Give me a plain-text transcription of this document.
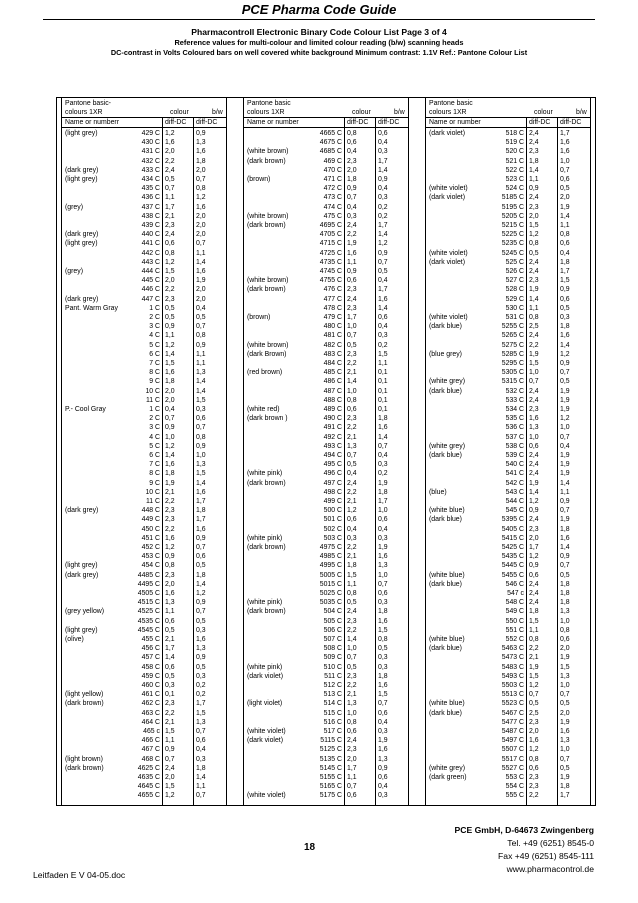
PCE Pharma Code Guide
Pharmacontroll Electronic Binary Code Colour List Page 3 of 4
Reference values for multi-colour and limited colour reading (b/w) scanning heads
DC-contrast in Volts Coloured bars on well covered white background Minimum contrast: 1.1V Ref.: Pantone Colour List
Pantone basic-
colours 1XR	colour	b/w
Name or numberr	diff-DC diff-DC
(light grey)	429 C 1,2	0,9
430 C 1,6	1,3
431 C 2,0	1,6
432 C 2,2	1,8
(dark grey)	433 C 2,4	2,0
(light grey)	434 C 0,5	0,7
435 C 0,7	0,8
436 C 1,1	1,2
(grey)	437 C 1,7	1,6
438 C 2,1	2,0
439 C 2,3	2,0
(dark grey)	440 C 2,4	2,0
(light grey)	441 C 0,6	0,7
442 C 0,8	1,1
443 C 1,2	1,4
(grey)	444 C 1,5	1,6
445 C 2,0	1,9
446 C 2,2	2,0
(dark grey)	447 C 2,3	2,0
Pant. Warm Gray	1 C 0,5	0,4
2 C 0,5	0,5
3 C 0,9	0,7
4 C 1,1	0,8
5 C 1,2	0,9
6 C 1,4	1,1
7 C 1,5	1,1
8 C 1,6	1,3
9 C 1,8	1,4
10 C 2,0	1,4
11 C 2,0	1,5
P.- Cool Gray	1 C 0,4	0,3
2 C 0,7	0,6
3 C 0,9	0,7
4 C 1,0	0,8
5 C 1,2	0,9
6 C 1,4	1,0
7 C 1,6	1,3
8 C 1,8	1,5
9 C 1,9	1,4
10 C 2,1	1,6
11 C 2,2	1,7
(dark grey)	448 C 2,3	1,8
449 C 2,3	1,7
450 C 2,2	1,6
451 C 1,6	0,9
452 C 1,2	0,7
453 C 0,9	0,6
(light grey)	454 C 0,8	0,5
(dark grey)	4485 C 2,3	1,8
4495 C 2,0	1,4
4505 C 1,6	1,2
4515 C 1,3	0,9
(grey yellow)	4525 C 1,1	0,7
4535 C 0,6	0,5
(light grey)	4545 C 0,5	0,3
(olive)	455 C 2,1	1,6
456 C 1,7	1,3
457 C 1,4	0,9
458 C 0,6	0,5
459 C 0,5	0,3
460 C 0,3	0,2
(light yellow)	461 C 0,1	0,2
(dark brown)	462 C 2,3	1,7
463 C 2,2	1,5
464 C 2,1	1,3
465 c 1,5	0,7
466 C 1,1	0,6
467 C 0,9	0,4
(light brown)	468 C 0,7	0,3
(dark brown)	4625 C 2,4	1,8
4635 C 2,0	1,4
4645 C 1,5	1,1
4655 C 1,2	0,7
Pantone basic
colours 1XR	colour	b/w
Name or number	diff-DC diff-DC
4665 C 0,8	0,6
4675 C 0,6	0,4
(white brown)	4685 C 0,4	0,3
(dark brown)	469 C 2,3	1,7
470 C 2,0	1,4
(brown)	471 C 1,8	0,9
472 C 0,9	0,4
473 C 0,7	0,3
474 C 0,4	0,2
(white brown)	475 C 0,3	0,2
(dark brown)	4695 C 2,4	1,7
4705 C 2,2	1,4
4715 C 1,9	1,2
4725 C 1,6	0,9
4735 C 1,1	0,7
4745 C 0,9	0,5
(white brown)	4755 C 0,6	0,4
(dark brown)	476 C 2,3	1,7
477 C 2,4	1,6
478 C 2,3	1,4
(brown)	479 C 1,7	0,6
480 C 1,0	0,4
481 C 0,7	0,3
(white brown)	482 C 0,5	0,2
(dark Brown)	483 C 2,3	1,5
484 C 2,2	1,1
(red brown)	485 C 2,1	0,1
486 C 1,4	0,1
487 C 1,0	0,1
488 C 0,8	0,1
(white red)	489 C 0,6	0,1
(dark brown )	490 C 2,3	1,8
491 C 2,2	1,6
492 C 2,1	1,4
493 C 1,3	0,7
494 C 0,7	0,4
495 C 0,5	0,3
(white pink)	496 C 0,4	0,2
(dark brown)	497 C 2,4	1,9
498 C 2,2	1,8
499 C 2,1	1,7
500 C 1,2	1,0
501 C 0,6	0,6
502 C 0,4	0,4
(white pink)	503 C 0,3	0,3
(dark brown)	4975 C 2,2	1,9
4985 C 2,1	1,6
4995 C 1,8	1,3
5005 C 1,5	1,0
5015 C 1,1	0,7
5025 C 0,8	0,6
(white pink)	5035 C 0,5	0,3
(dark brown)	504 C 2,4	1,8
505 C 2,3	1,6
506 C 2,2	1,5
507 C 1,4	0,8
508 C 1,0	0,5
509 C 0,7	0,3
(white pink)	510 C 0,5	0,3
(dark violet)	511 C 2,3	1,8
512 C 2,2	1,6
513 C 2,1	1,5
(light violet)	514 C 1,3	0,7
515 C 1,0	0,6
516 C 0,8	0,4
(white violet)	517 C 0,6	0,3
(dark violet)	5115 C 2,4	1,9
5125 C 2,3	1,6
5135 C 2,0	1,3
5145 C 1,7	0,9
5155 C 1,1	0,6
5165 C 0,7	0,4
(white violet)	5175 C 0,6	0,3
Pantone basic
colours 1XR	colour	b/w
Name or number	diff-DC diff-DC
(dark violet)	518 C 2,4	1,7
519 C 2,4	1,6
520 C 2,3	1,6
521 C 1,8	1,0
522 C 1,4	0,7
523 C 1,1	0,6
(white violet)	524 C 0,9	0,5
(dark violet)	5185 C 2,4	2,0
5195 C 2,3	1,9
5205 C 2,0	1,4
5215 C 1,5	1,1
5225 C 1,2	0,8
5235 C 0,8	0,6
(white violet)	5245 C 0,5	0,4
(dark violet)	525 C 2,4	1,8
526 C 2,4	1,7
527 C 2,3	1,5
528 C 1,9	0,9
529 C 1,4	0,6
530 C 1,1	0,5
(white violet)	531 C 0,8	0,3
(dark blue)	5255 C 2,5	1,8
5265 C 2,4	1,6
5275 C 2,2	1,4
(blue grey)	5285 C 1,9	1,2
5295 C 1,5	0,9
5305 C 1,0	0,7
(white grey)	5315 C 0,7	0,5
(dark blue)	532 C 2,4	1,9
533 C 2,4	1,9
534 C 2,3	1,9
535 C 1,6	1,2
536 C 1,3	1,0
537 C 1,0	0,7
(white grey)	538 C 0,6	0,4
(dark blue)	539 C 2,4	1,9
540 C 2,4	1,9
541 C 2,4	1,9
542 C 1,9	1,4
(blue)	543 C 1,4	1,1
544 C 1,2	0,9
(white blue)	545 C 0,9	0,7
(dark blue)	5395 C 2,4	1,9
5405 C 2,3	1,8
5415 C 2,0	1,6
5425 C 1,7	1,4
5435 C 1,2	0,9
5445 C 0,9	0,7
(white blue)	5455 C 0,6	0,5
(dark blue)	546 C 2,4	1,8
547 c 2,4	1,8
548 C 2,4	1,8
549 C 1,8	1,3
550 C 1,5	1,0
551 C 1,1	0,8
(white blue)	552 C 0,8	0,6
(dark blue)	5463 C 2,2	2,0
5473 C 2,1	1,9
5483 C 1,9	1,5
5493 C 1,5	1,3
5503 C 1,2	1,0
5513 C 0,7	0,7
(white blue)	5523 C 0,5	0,5
(dark blue)	5467 C 2,5	2,0
5477 C 2,3	1,9
5487 C 2,0	1,6
5497 C 1,6	1,3
5507 C 1,2	1,0
5517 C 0,8	0,7
(white grey)	5527 C 0,6	0,5
(dark green)	553 C 2,3	1,9
554 C 2,3	1,8
555 C 2,2	1,7
18
PCE GmbH, D-64673 Zwingenberg
Tel. +49 (6251) 8545-0
Fax +49 (6251) 8545-111
www.pharmacontrol.de
Leitfaden E V 04-05.doc
